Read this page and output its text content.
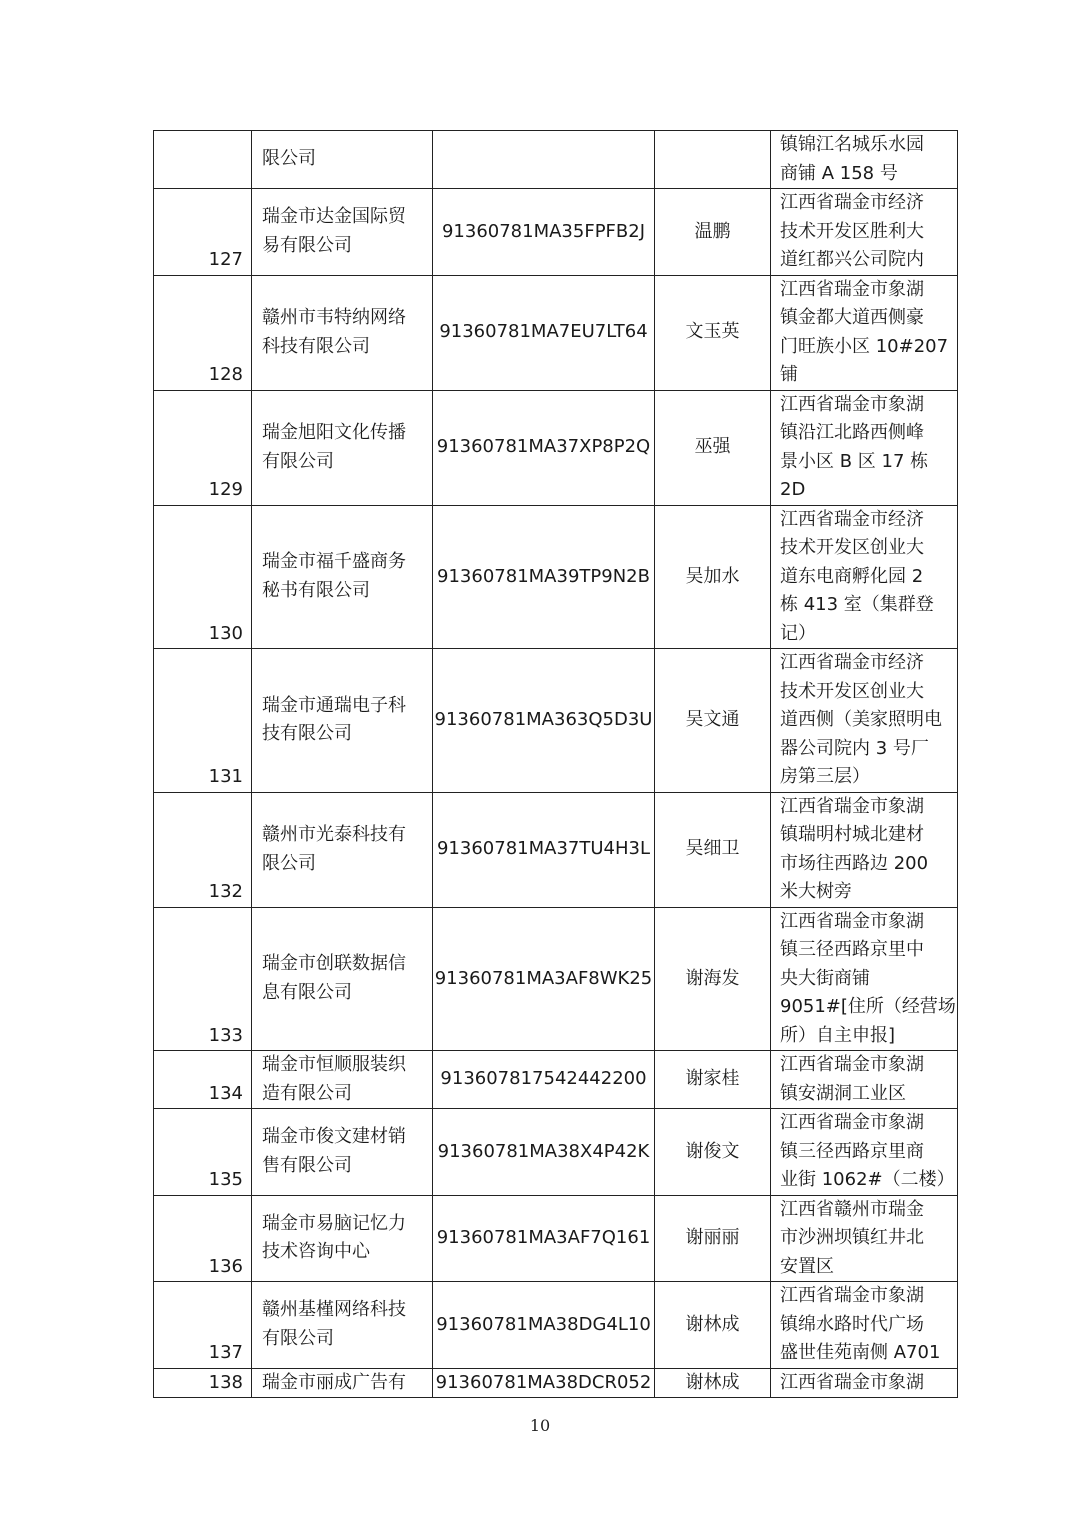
	限公司			镇锦江名城乐水园
商铺 A 158 号

127	瑞金市达金国际贸
易有限公司	91360781MA35FPFB2J	温鹏	江西省瑞金市经济
技术开发区胜利大
道红都兴公司院内

128	赣州市韦特纳网络
科技有限公司	91360781MA7EU7LT64	文玉英	江西省瑞金市象湖
镇金都大道西侧豪
门旺族小区 10#207
铺

129	瑞金旭阳文化传播
有限公司	91360781MA37XP8P2Q	巫强	江西省瑞金市象湖
镇沿江北路西侧峰
景小区 B 区 17 栋
2D

130	瑞金市福千盛商务
秘书有限公司	91360781MA39TP9N2B	吴加水	江西省瑞金市经济
技术开发区创业大
道东电商孵化园 2
栋 413 室（集群登
记）

131	瑞金市通瑞电子科
技有限公司	91360781MA363Q5D3U	吴文通	江西省瑞金市经济
技术开发区创业大
道西侧（美家照明电
器公司院内 3 号厂
房第三层）

132	赣州市光泰科技有
限公司	91360781MA37TU4H3L	吴细卫	江西省瑞金市象湖
镇瑞明村城北建材
市场往西路边 200
米大树旁

133	瑞金市创联数据信
息有限公司	91360781MA3AF8WK25	谢海发	江西省瑞金市象湖
镇三径西路京里中
央大街商铺
9051#[住所（经营场
所）自主申报]

134	瑞金市恒顺服装织
造有限公司	913607817542442200	谢家桂	江西省瑞金市象湖
镇安湖洞工业区

135	瑞金市俊文建材销
售有限公司	91360781MA38X4P42K	谢俊文	江西省瑞金市象湖
镇三径西路京里商
业街 1062#（二楼）

136	瑞金市易脑记忆力
技术咨询中心	91360781MA3AF7Q161	谢丽丽	江西省赣州市瑞金
市沙洲坝镇红井北
安置区

137	赣州基槿网络科技
有限公司	91360781MA38DG4L10	谢林成	江西省瑞金市象湖
镇绵水路时代广场
盛世佳苑南侧 A701

138	瑞金市丽成广告有	91360781MA38DCR052	谢林成	江西省瑞金市象湖
10
